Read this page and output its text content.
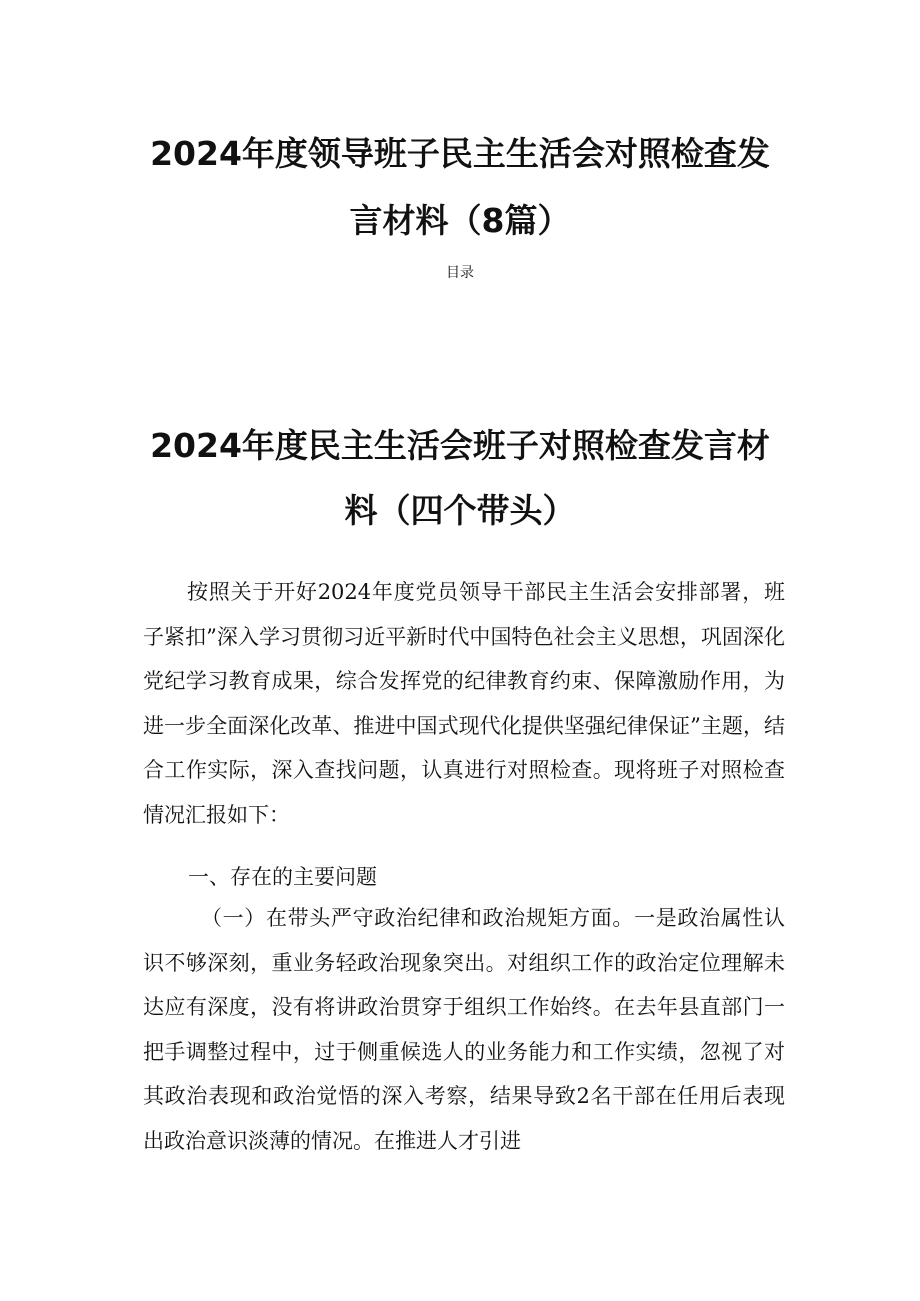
2024年度领导班子民主生活会对照检查发
言材料（8篇）
目录
2024年度民主生活会班子对照检查发言材
料（四个带头）

按照关于开好2024年度党员领导干部民主生活会安排部署，班子紧扣”深入学习贯彻习近平新时代中国特色社会主义思想，巩固深化党纪学习教育成果，综合发挥党的纪律教育约束、保障激励作用，为进一步全面深化改革、推进中国式现代化提供坚强纪律保证”主题，结合工作实际，深入查找问题，认真进行对照检查。现将班子对照检查情况汇报如下：

一、存在的主要问题

（一）在带头严守政治纪律和政治规矩方面。一是政治属性认识不够深刻，重业务轻政治现象突出。对组织工作的政治定位理解未达应有深度，没有将讲政治贯穿于组织工作始终。在去年县直部门一把手调整过程中，过于侧重候选人的业务能力和工作实绩，忽视了对其政治表现和政治觉悟的深入考察，结果导致2名干部在任用后表现出政治意识淡薄的情况。在推进人才引进
